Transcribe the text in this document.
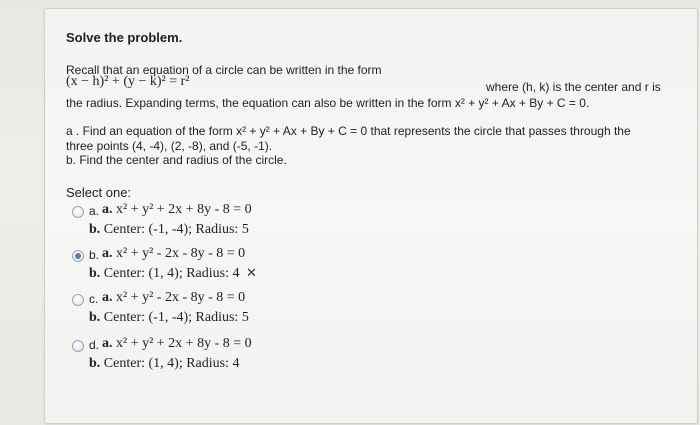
Solve the problem.
Recall that an equation of a circle can be written in the form
(x − h)² + (y − k)² = r²	where (h, k) is the center and r is
the radius. Expanding terms, the equation can also be written in the form x² + y² + Ax + By + C = 0.
a . Find an equation of the form x² + y² + Ax + By + C = 0 that represents the circle that passes through the
three points (4, -4), (2, -8), and (-5, -1).
b. Find the center and radius of the circle.
Select one:
a. a. x² + y² + 2x + 8y - 8 = 0
b. Center: (-1, -4); Radius: 5
b. a. x² + y² - 2x - 8y - 8 = 0
b. Center: (1, 4); Radius: 4 ✕
c. a. x² + y² - 2x - 8y - 8 = 0
b. Center: (-1, -4); Radius: 5
d. a. x² + y² + 2x + 8y - 8 = 0
b. Center: (1, 4); Radius: 4
